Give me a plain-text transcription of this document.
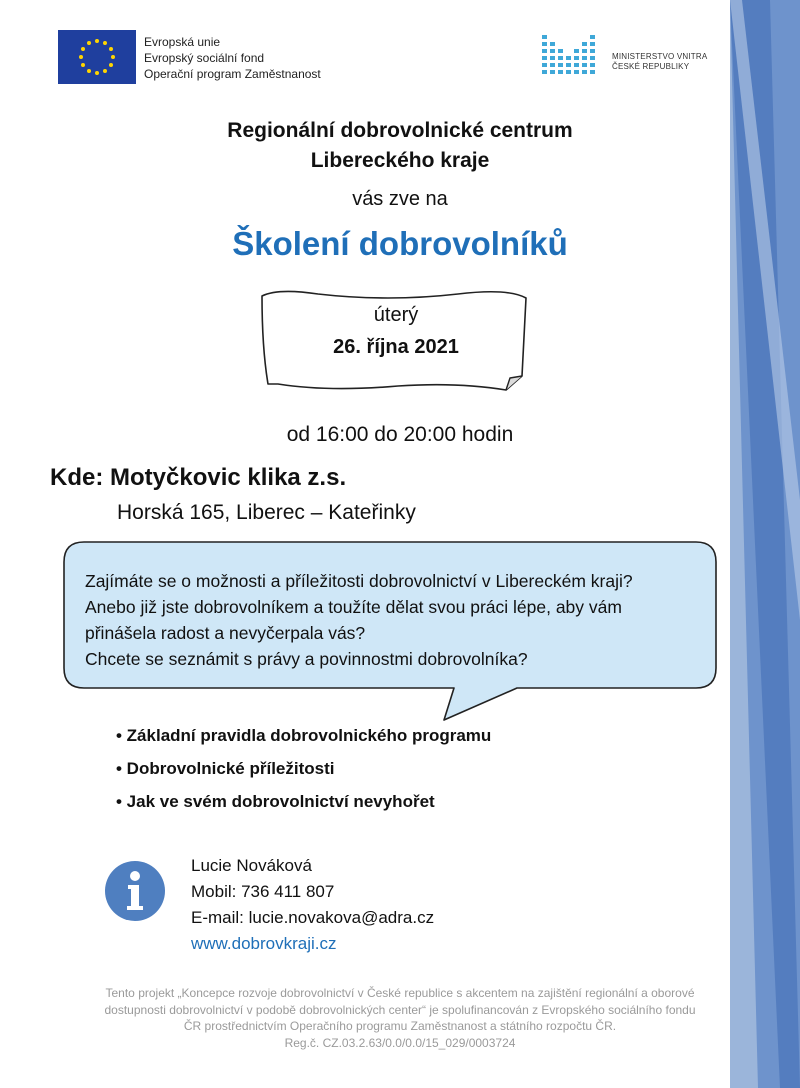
Evropská unie
Evropský sociální fond
Operační program Zaměstnanost
MINISTERSTVO VNITRA
ČESKÉ REPUBLIKY
Regionální dobrovolnické centrum
Libereckého kraje
vás zve na
Školení dobrovolníků
úterý
26. října 2021
od 16:00 do 20:00 hodin
Kde: Motyčkovic klika z.s.
Horská 165, Liberec – Kateřinky
Zajímáte se o možnosti a příležitosti dobrovolnictví v Libereckém kraji?
Anebo již jste dobrovolníkem a toužíte dělat svou práci lépe, aby vám
přinášela radost a nevyčerpala vás?
Chcete se seznámit s právy a povinnostmi dobrovolníka?
• Základní pravidla dobrovolnického programu
• Dobrovolnické příležitosti
• Jak ve svém dobrovolnictví nevyhořet
Lucie Nováková
Mobil: 736 411 807
E-mail: lucie.novakova@adra.cz
www.dobrovkraji.cz
Tento projekt „Koncepce rozvoje dobrovolnictví v České republice s akcentem na zajištění regionální a oborové
dostupnosti dobrovolnictví v podobě dobrovolnických center“ je spolufinancován z Evropského sociálního fondu
ČR prostřednictvím Operačního programu Zaměstnanost a státního rozpočtu ČR.
Reg.č. CZ.03.2.63/0.0/0.0/15_029/0003724
